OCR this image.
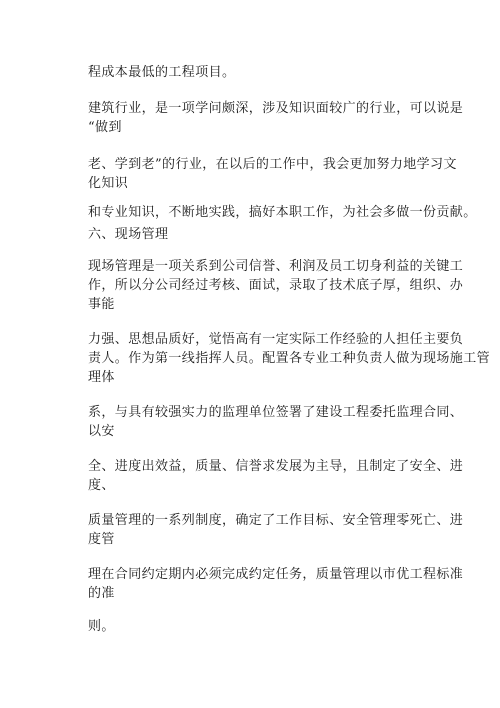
程成本最低的工程项目。
建筑行业，是一项学问颇深，涉及知识面较广的行业，可以说是
“做到
老、学到老”的行业，在以后的工作中，我会更加努力地学习文
化知识
和专业知识，不断地实践，搞好本职工作，为社会多做一份贡献。
六、现场管理
现场管理是一项关系到公司信誉、利润及员工切身利益的关键工
作，所以分公司经过考核、面试，录取了技术底子厚，组织、办
事能
力强、思想品质好，觉悟高有一定实际工作经验的人担任主要负
责人。作为第一线指挥人员。配置各专业工种负责人做为现场施工管
理体
系，与具有较强实力的监理单位签署了建设工程委托监理合同、
以安
全、进度出效益，质量、信誉求发展为主导，且制定了安全、进
度、
质量管理的一系列制度，确定了工作目标、安全管理零死亡、进
度管
理在合同约定期内必须完成约定任务，质量管理以市优工程标准
的准
则。
